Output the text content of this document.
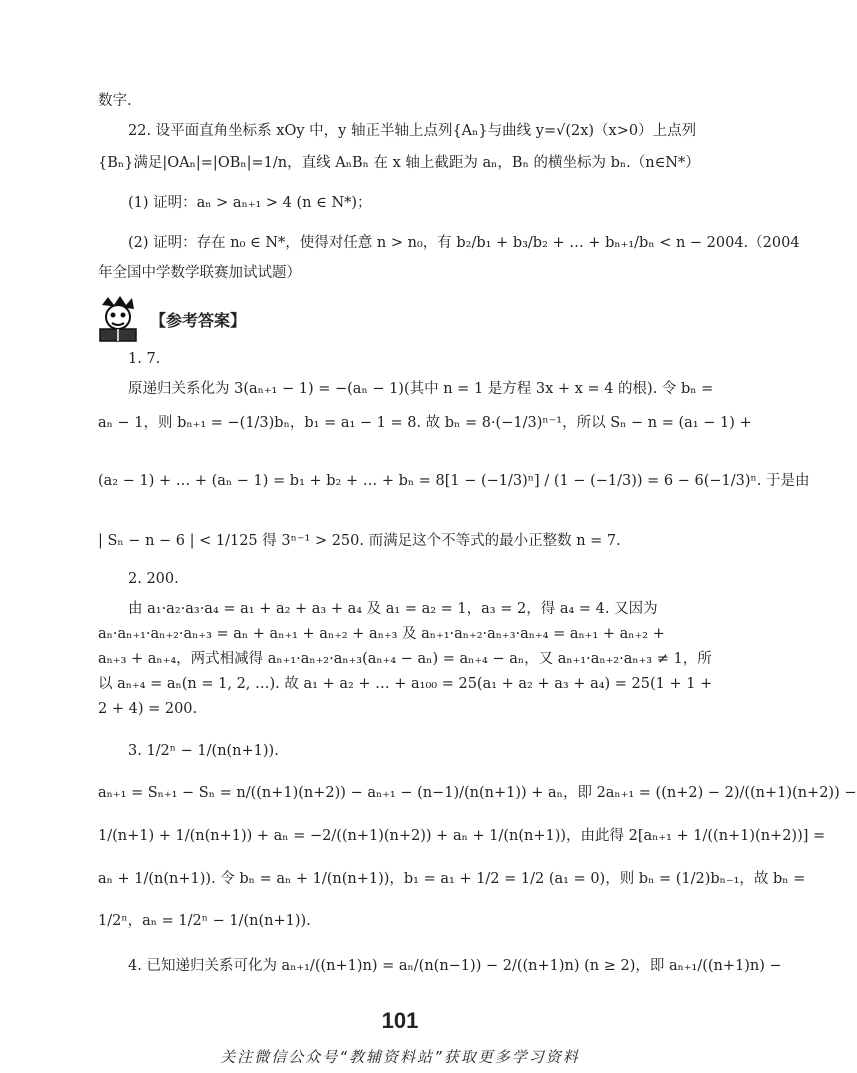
数字.
22. 设平面直角坐标系 xOy 中，y 轴正半轴上点列{Aₙ}与曲线 y=√(2x)（x>0）上点列
{Bₙ}满足|OAₙ|=|OBₙ|=1/n，直线 AₙBₙ 在 x 轴上截距为 aₙ，Bₙ 的横坐标为 bₙ.（n∈N*）
(1) 证明：aₙ > aₙ₊₁ > 4 (n ∈ N*)；
(2) 证明：存在 n₀ ∈ N*，使得对任意 n > n₀，有 b₂/b₁ + b₃/b₂ + … + bₙ₊₁/bₙ < n − 2004.（2004
年全国中学数学联赛加试试题）
【参考答案】
1. 7.
原递归关系化为 3(aₙ₊₁ − 1) = −(aₙ − 1)(其中 n = 1 是方程 3x + x = 4 的根). 令 bₙ =
aₙ − 1，则 bₙ₊₁ = −(1/3)bₙ，b₁ = a₁ − 1 = 8. 故 bₙ = 8·(−1/3)ⁿ⁻¹，所以 Sₙ − n = (a₁ − 1) +
(a₂ − 1) + … + (aₙ − 1) = b₁ + b₂ + … + bₙ = 8[1 − (−1/3)ⁿ] / (1 − (−1/3)) = 6 − 6(−1/3)ⁿ. 于是由
| Sₙ − n − 6 | < 1/125 得 3ⁿ⁻¹ > 250. 而满足这个不等式的最小正整数 n = 7.
2. 200.
由 a₁·a₂·a₃·a₄ = a₁ + a₂ + a₃ + a₄ 及 a₁ = a₂ = 1，a₃ = 2，得 a₄ = 4. 又因为
aₙ·aₙ₊₁·aₙ₊₂·aₙ₊₃ = aₙ + aₙ₊₁ + aₙ₊₂ + aₙ₊₃ 及 aₙ₊₁·aₙ₊₂·aₙ₊₃·aₙ₊₄ = aₙ₊₁ + aₙ₊₂ +
aₙ₊₃ + aₙ₊₄，两式相减得 aₙ₊₁·aₙ₊₂·aₙ₊₃(aₙ₊₄ − aₙ) = aₙ₊₄ − aₙ，又 aₙ₊₁·aₙ₊₂·aₙ₊₃ ≠ 1，所
以 aₙ₊₄ = aₙ(n = 1, 2, …). 故 a₁ + a₂ + … + a₁₀₀ = 25(a₁ + a₂ + a₃ + a₄) = 25(1 + 1 +
2 + 4) = 200.
3. 1/2ⁿ − 1/(n(n+1)).
aₙ₊₁ = Sₙ₊₁ − Sₙ = n/((n+1)(n+2)) − aₙ₊₁ − (n−1)/(n(n+1)) + aₙ，即 2aₙ₊₁ = ((n+2) − 2)/((n+1)(n+2)) −
1/(n+1) + 1/(n(n+1)) + aₙ = −2/((n+1)(n+2)) + aₙ + 1/(n(n+1))，由此得 2[aₙ₊₁ + 1/((n+1)(n+2))] =
aₙ + 1/(n(n+1)). 令 bₙ = aₙ + 1/(n(n+1))，b₁ = a₁ + 1/2 = 1/2 (a₁ = 0)，则 bₙ = (1/2)bₙ₋₁，故 bₙ =
1/2ⁿ，aₙ = 1/2ⁿ − 1/(n(n+1)).
4. 已知递归关系可化为 aₙ₊₁/((n+1)n) = aₙ/(n(n−1)) − 2/((n+1)n) (n ≥ 2)，即 aₙ₊₁/((n+1)n) −
101
关注微信公众号“教辅资料站”获取更多学习资料
